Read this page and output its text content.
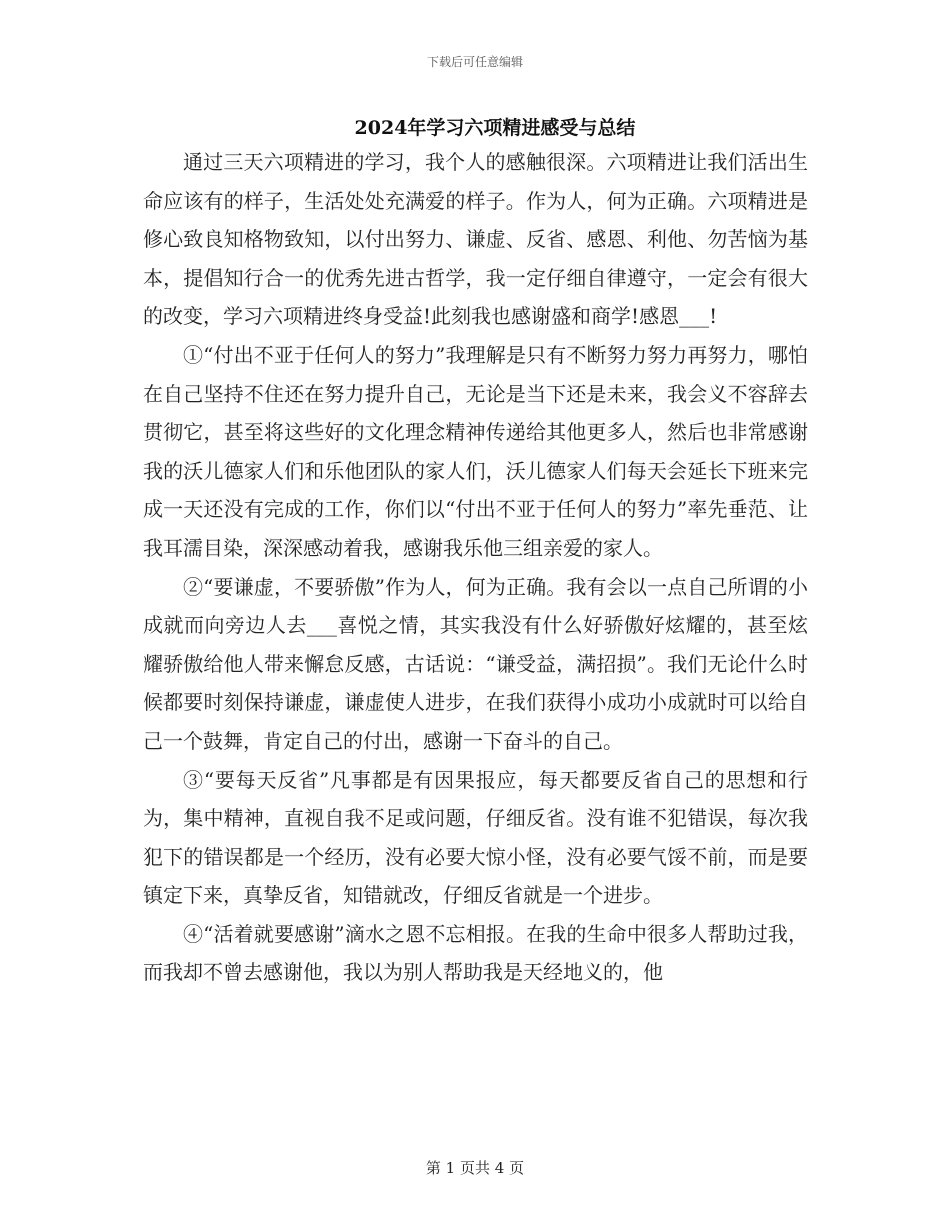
下载后可任意编辑
2024年学习六项精进感受与总结

通过三天六项精进的学习，我个人的感触很深。六项精进让我们活出生命应该有的样子，生活处处充满爱的样子。作为人，何为正确。六项精进是修心致良知格物致知，以付出努力、谦虚、反省、感恩、利他、勿苦恼为基本，提倡知行合一的优秀先进古哲学，我一定仔细自律遵守，一定会有很大的改变，学习六项精进终身受益!此刻我也感谢盛和商学!感恩___!

①“付出不亚于任何人的努力”我理解是只有不断努力努力再努力，哪怕在自己坚持不住还在努力提升自己，无论是当下还是未来，我会义不容辞去贯彻它，甚至将这些好的文化理念精神传递给其他更多人，然后也非常感谢我的沃儿德家人们和乐他团队的家人们，沃儿德家人们每天会延长下班来完成一天还没有完成的工作，你们以“付出不亚于任何人的努力”率先垂范、让我耳濡目染，深深感动着我，感谢我乐他三组亲爱的家人。

②“要谦虚，不要骄傲”作为人，何为正确。我有会以一点自己所谓的小成就而向旁边人去___喜悦之情，其实我没有什么好骄傲好炫耀的，甚至炫耀骄傲给他人带来懈怠反感，古话说：“谦受益，满招损”。我们无论什么时候都要时刻保持谦虚，谦虚使人进步，在我们获得小成功小成就时可以给自己一个鼓舞，肯定自己的付出，感谢一下奋斗的自己。

③“要每天反省”凡事都是有因果报应，每天都要反省自己的思想和行为，集中精神，直视自我不足或问题，仔细反省。没有谁不犯错误，每次我犯下的错误都是一个经历，没有必要大惊小怪，没有必要气馁不前，而是要镇定下来，真挚反省，知错就改，仔细反省就是一个进步。

④“活着就要感谢”滴水之恩不忘相报。在我的生命中很多人帮助过我，而我却不曾去感谢他，我以为别人帮助我是天经地义的，他

第 1 页共 4 页
